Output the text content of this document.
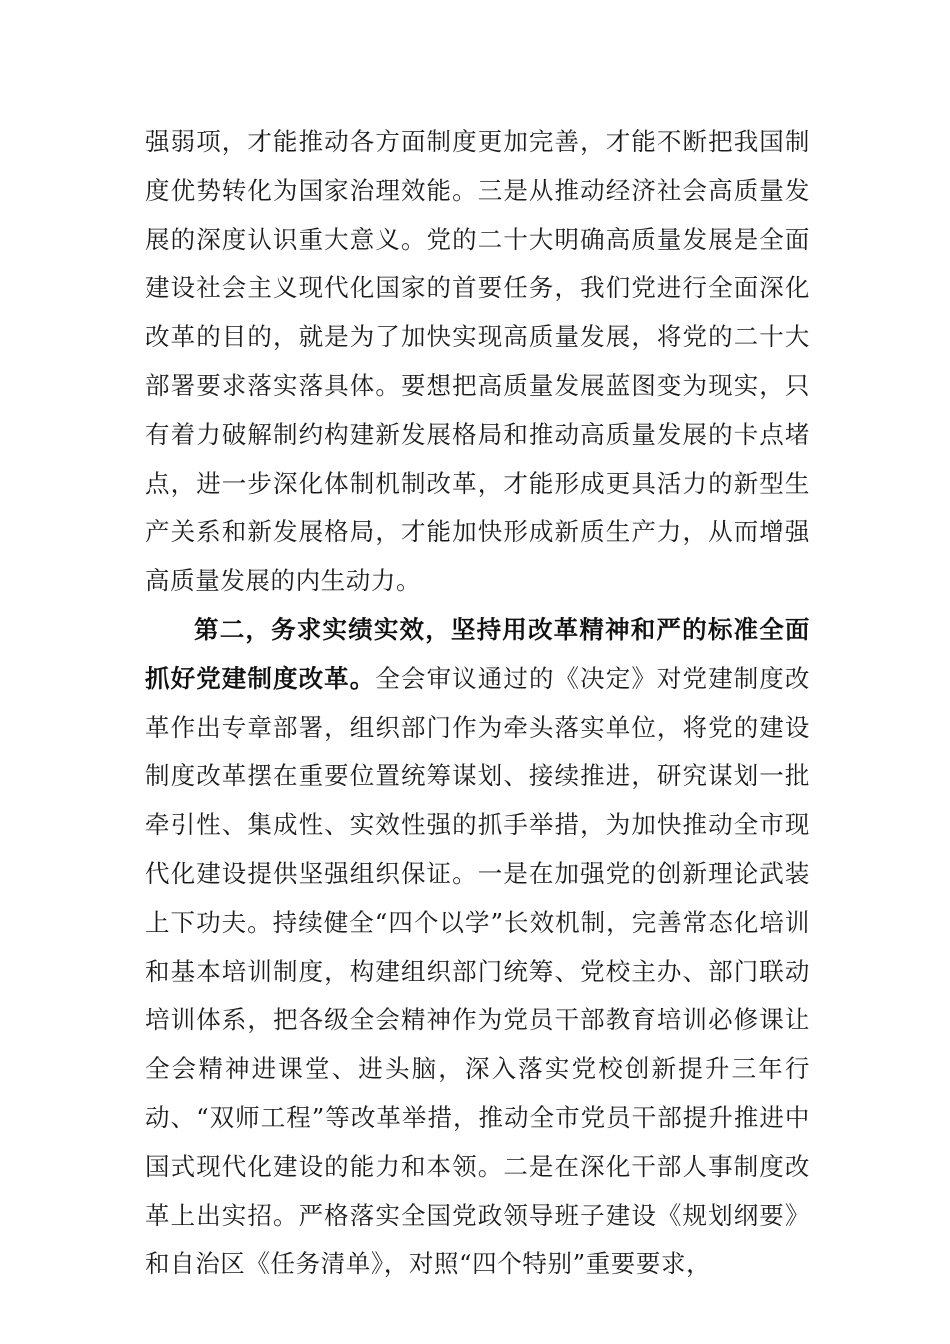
强弱项，才能推动各方面制度更加完善，才能不断把我国制度优势转化为国家治理效能。三是从推动经济社会高质量发展的深度认识重大意义。党的二十大明确高质量发展是全面建设社会主义现代化国家的首要任务，我们党进行全面深化改革的目的，就是为了加快实现高质量发展，将党的二十大部署要求落实落具体。要想把高质量发展蓝图变为现实，只有着力破解制约构建新发展格局和推动高质量发展的卡点堵点，进一步深化体制机制改革，才能形成更具活力的新型生产关系和新发展格局，才能加快形成新质生产力，从而增强高质量发展的内生动力。

第二，务求实绩实效，坚持用改革精神和严的标准全面抓好党建制度改革。全会审议通过的《决定》对党建制度改革作出专章部署，组织部门作为牵头落实单位，将党的建设制度改革摆在重要位置统筹谋划、接续推进，研究谋划一批牵引性、集成性、实效性强的抓手举措，为加快推动全市现代化建设提供坚强组织保证。一是在加强党的创新理论武装上下功夫。持续健全“四个以学”长效机制，完善常态化培训和基本培训制度，构建组织部门统筹、党校主办、部门联动培训体系，把各级全会精神作为党员干部教育培训必修课让全会精神进课堂、进头脑，深入落实党校创新提升三年行动、“双师工程”等改革举措，推动全市党员干部提升推进中国式现代化建设的能力和本领。二是在深化干部人事制度改革上出实招。严格落实全国党政领导班子建设《规划纲要》和自治区《任务清单》，对照“四个特别”重要要求，
